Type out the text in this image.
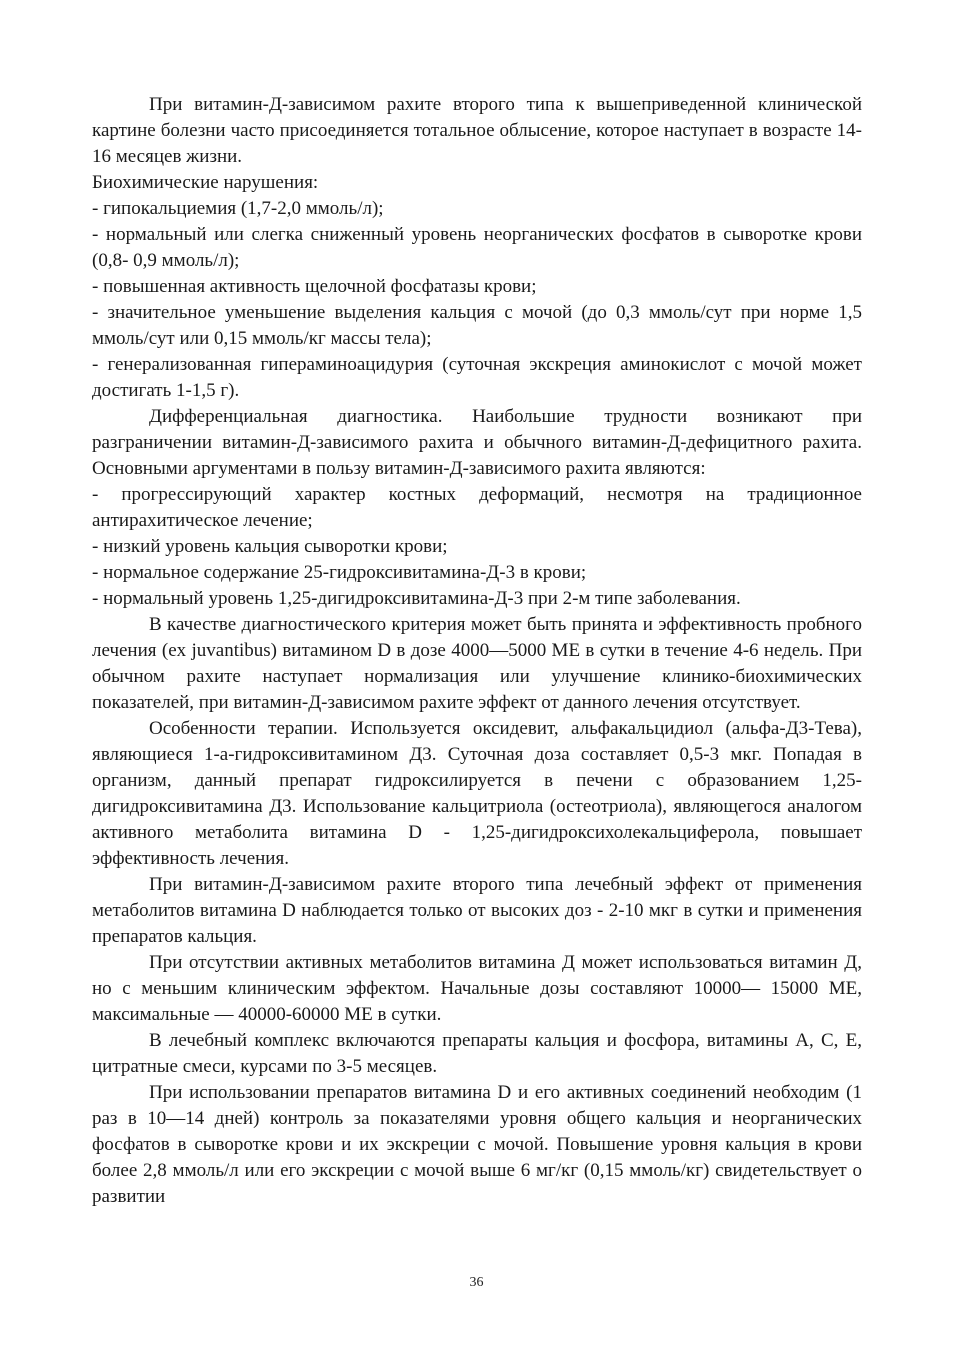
При витамин-Д-зависимом рахите второго типа к вышеприведенной клинической картине болезни часто присоединяется тотальное облысение, которое наступает в возрасте 14-16 месяцев жизни.

Биохимические нарушения:

- гипокальциемия (1,7-2,0 ммоль/л);

- нормальный или слегка сниженный уровень неорганических фосфатов в сыворотке крови (0,8- 0,9 ммоль/л);

- повышенная активность щелочной фосфатазы крови;

- значительное уменьшение выделения кальция с мочой (до 0,3 ммоль/сут при норме 1,5 ммоль/сут или 0,15 ммоль/кг массы тела);

- генерализованная гипераминоацидурия (суточная экскреция аминокислот с мочой может достигать 1-1,5 г).

Дифференциальная диагностика. Наибольшие трудности возникают при разграничении витамин-Д-зависимого рахита и обычного витамин-Д-дефицитного рахита. Основными аргументами в пользу витамин-Д-зависимого рахита являются:

- прогрессирующий характер костных деформаций, несмотря на традиционное антирахитическое лечение;

- низкий уровень кальция сыворотки крови;

- нормальное содержание 25-гидроксивитамина-Д-3 в крови;

- нормальный уровень 1,25-дигидроксивитамина-Д-3 при 2-м типе заболевания.

В качестве диагностического критерия может быть принята и эффективность пробного лечения (ex juvantibus) витамином D в дозе 4000—5000 МЕ в сутки в течение 4-6 недель. При обычном рахите наступает нормализация или улучшение клинико-биохимических показателей, при витамин-Д-зависимом рахите эффект от данного лечения отсутствует.

Особенности терапии. Используется оксидевит, альфакальцидиол (альфа-Д3-Тева), являющиеся 1-а-гидроксивитамином Д3. Суточная доза составляет 0,5-3 мкг. Попадая в организм, данный препарат гидроксилируется в печени с образованием 1,25-дигидроксивитамина Д3. Использование кальцитриола (остеотриола), являющегося аналогом активного метаболита витамина D - 1,25-дигидроксихолекальциферола, повышает эффективность лечения.

При витамин-Д-зависимом рахите второго типа лечебный эффект от применения метаболитов витамина D наблюдается только от высоких доз - 2-10 мкг в сутки и применения препаратов кальция.

При отсутствии активных метаболитов витамина Д может использоваться витамин Д, но с меньшим клиническим эффектом. Начальные дозы составляют 10000— 15000 МЕ, максимальные — 40000-60000 МЕ в сутки.

В лечебный комплекс включаются препараты кальция и фосфора, витамины А, С, Е, цитратные смеси, курсами по 3-5 месяцев.

При использовании препаратов витамина D и его активных соединений необходим (1 раз в 10—14 дней) контроль за показателями уровня общего кальция и неорганических фосфатов в сыворотке крови и их экскреции с мочой. Повышение уровня кальция в крови более 2,8 ммоль/л или его экскреции с мочой выше 6 мг/кг (0,15 ммоль/кг) свидетельствует о развитии

36
